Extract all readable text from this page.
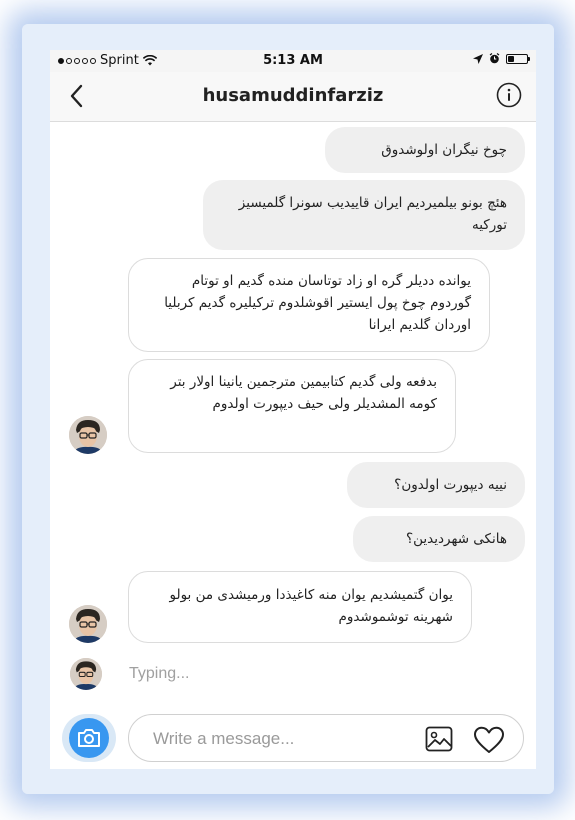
Sprint	5:13 AM
husamuddinfarziz
چوخ نیگران اولوشدوق
هئچ بونو بیلمیردیم ایران قاییدیب سونرا گلمیسیز تورکیه
یوانده ددیلر گره او زاد توتاسان منده گدیم او توتام گوردوم چوخ پول ایستیر اقوشلدوم ترکیلیره گدیم کربلیا اوردان گلدیم ایرانا
بدفعه ولی گدیم کتابیمین مترجمین یانینا اولار بتر کومه المشدیلر ولی حیف دیپورت اولدوم
نییه دیپورت اولدون؟
هانکی شهردیدین؟
یوان گتمیشدیم یوان منه کاغیذدا ورمیشدی من بولو شهرینه توشموشدوم
Typing...
Write a message...
